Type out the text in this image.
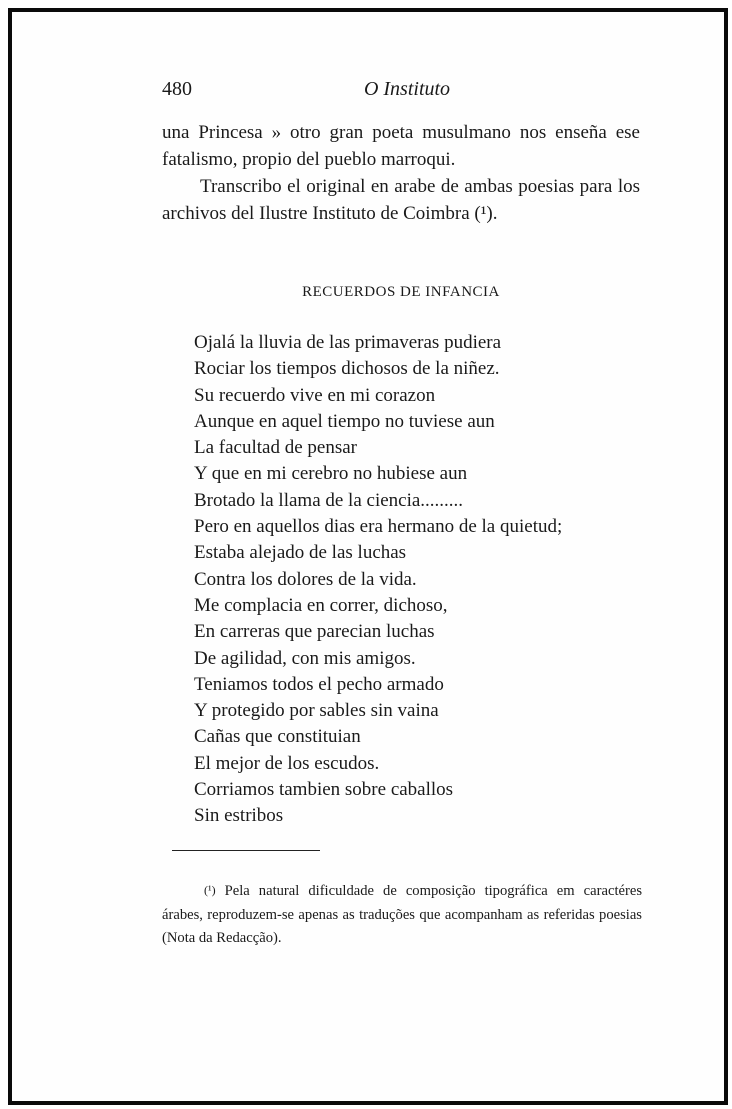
480	O Instituto

una Princesa » otro gran poeta musulmano nos enseña ese fatalismo, propio del pueblo marroqui.

Transcribo el original en arabe de ambas poesias para los archivos del Ilustre Instituto de Coimbra (¹).

RECUERDOS DE INFANCIA
Ojalá la lluvia de las primaveras pudiera
Rociar los tiempos dichosos de la niñez.
Su recuerdo vive en mi corazon
Aunque en aquel tiempo no tuviese aun
La facultad de pensar
Y que en mi cerebro no hubiese aun
Brotado la llama de la ciencia.........
Pero en aquellos dias era hermano de la quietud;
Estaba alejado de las luchas
Contra los dolores de la vida.
Me complacia en correr, dichoso,
En carreras que parecian luchas
De agilidad, con mis amigos.
Teniamos todos el pecho armado
Y protegido por sables sin vaina
Cañas que constituian
El mejor de los escudos.
Corriamos tambien sobre caballos
Sin estribos
(¹) Pela natural dificuldade de composição tipográfica em caractéres árabes, reproduzem-se apenas as traduções que acompanham as referidas poesias (Nota da Redacção).
